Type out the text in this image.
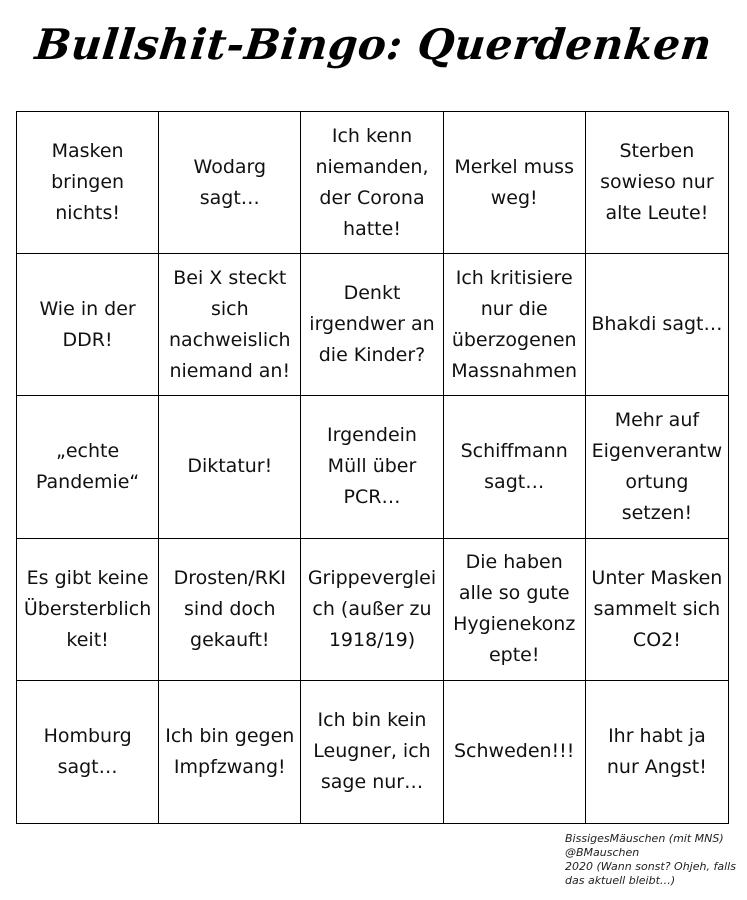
Bullshit-Bingo: Querdenken
Masken bringen nichts!
Wodarg sagt…
Ich kenn niemanden, der Corona hatte!
Merkel muss weg!
Sterben sowieso nur alte Leute!
Wie in der DDR!
Bei X steckt sich nachweislich niemand an!
Denkt irgendwer an die Kinder?
Ich kritisiere nur die überzogenen Massnahmen
Bhakdi sagt…
„echte Pandemie“
Diktatur!
Irgendein Müll über PCR…
Schiffmann sagt…
Mehr auf Eigenverantwortung setzen!
Es gibt keine Übersterblichkeit!
Drosten/RKI sind doch gekauft!
Grippevergleich (außer zu 1918/19)
Die haben alle so gute Hygienekonzepte!
Unter Masken sammelt sich CO2!
Homburg sagt…
Ich bin gegen Impfzwang!
Ich bin kein Leugner, ich sage nur…
Schweden!!!
Ihr habt ja nur Angst!
BissigesMäuschen (mit MNS)
@BMauschen
2020 (Wann sonst? Ohjeh, falls das aktuell bleibt…)
